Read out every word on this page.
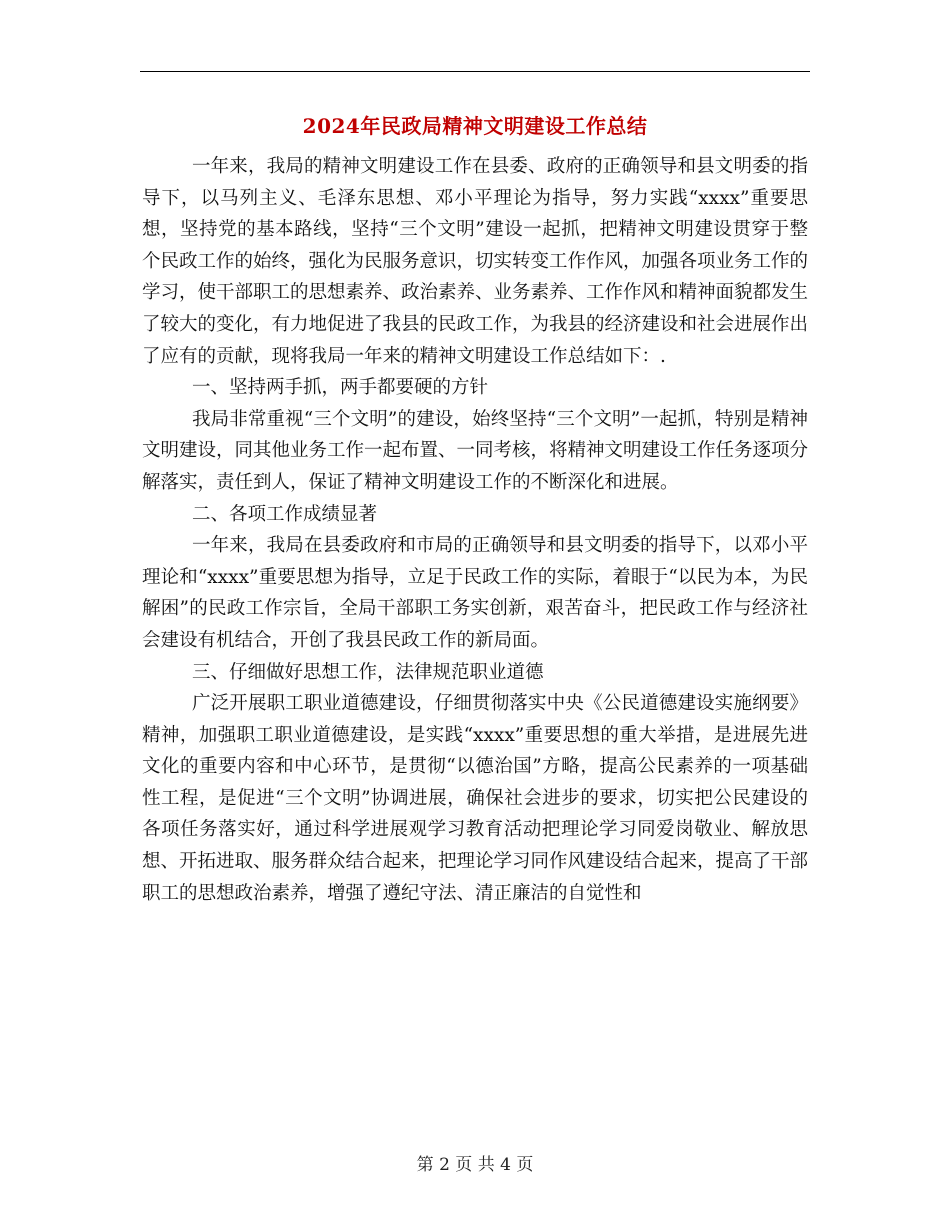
2024年民政局精神文明建设工作总结

一年来，我局的精神文明建设工作在县委、政府的正确领导和县文明委的指导下，以马列主义、毛泽东思想、邓小平理论为指导，努力实践“xxxx”重要思想，坚持党的基本路线，坚持“三个文明”建设一起抓，把精神文明建设贯穿于整个民政工作的始终，强化为民服务意识，切实转变工作作风，加强各项业务工作的学习，使干部职工的思想素养、政治素养、业务素养、工作作风和精神面貌都发生了较大的变化，有力地促进了我县的民政工作，为我县的经济建设和社会进展作出了应有的贡献，现将我局一年来的精神文明建设工作总结如下：.

一、坚持两手抓，两手都要硬的方针

我局非常重视“三个文明”的建设，始终坚持“三个文明”一起抓，特别是精神文明建设，同其他业务工作一起布置、一同考核，将精神文明建设工作任务逐项分解落实，责任到人，保证了精神文明建设工作的不断深化和进展。

二、各项工作成绩显著

一年来，我局在县委政府和市局的正确领导和县文明委的指导下，以邓小平理论和“xxxx”重要思想为指导，立足于民政工作的实际，着眼于“以民为本，为民解困”的民政工作宗旨，全局干部职工务实创新，艰苦奋斗，把民政工作与经济社会建设有机结合，开创了我县民政工作的新局面。

三、仔细做好思想工作，法律规范职业道德

广泛开展职工职业道德建设，仔细贯彻落实中央《公民道德建设实施纲要》精神，加强职工职业道德建设，是实践“xxxx”重要思想的重大举措，是进展先进文化的重要内容和中心环节，是贯彻“以德治国”方略，提高公民素养的一项基础性工程，是促进“三个文明”协调进展，确保社会进步的要求，切实把公民建设的各项任务落实好，通过科学进展观学习教育活动把理论学习同爱岗敬业、解放思想、开拓进取、服务群众结合起来，把理论学习同作风建设结合起来，提高了干部职工的思想政治素养，增强了遵纪守法、清正廉洁的自觉性和

第 2 页 共 4 页
